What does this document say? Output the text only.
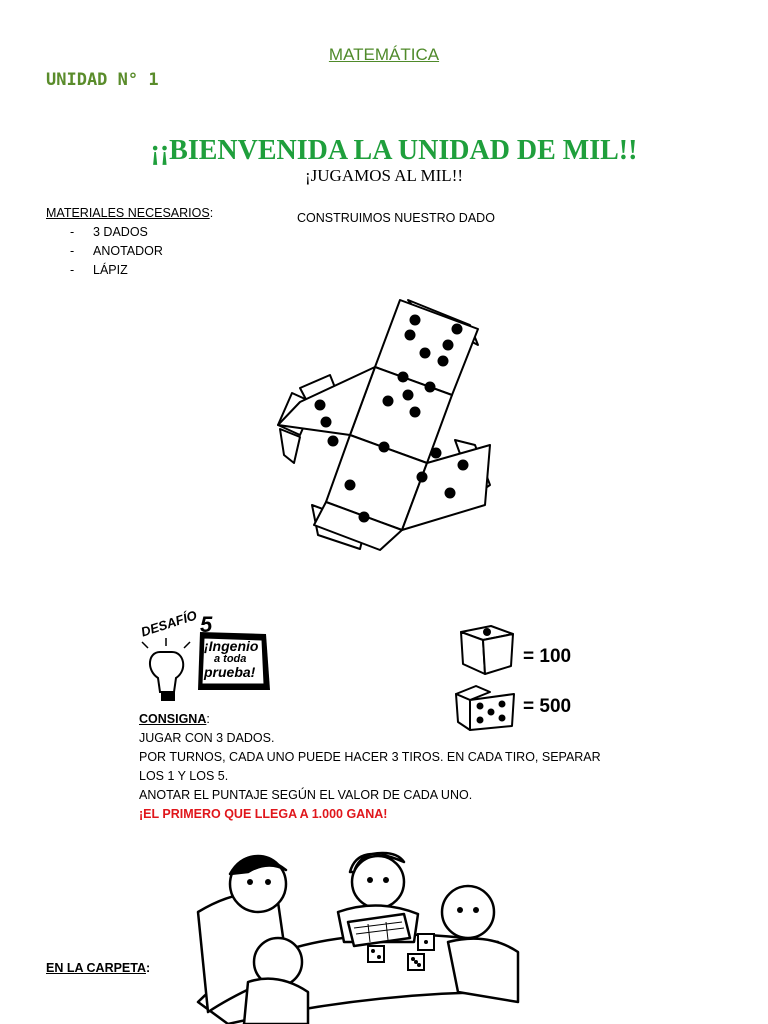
MATEMÁTICA
UNIDAD N° 1
¡¡BIENVENIDA LA UNIDAD DE MIL!!
¡JUGAMOS AL MIL!!
MATERIALES NECESARIOS:
- 3 DADOS
- ANOTADOR
- LÁPIZ
CONSTRUIMOS NUESTRO DADO
DESAFÍO 5
¡Ingenio
a toda
prueba!
= 100
= 500
CONSIGNA:
JUGAR CON 3 DADOS.
POR TURNOS, CADA UNO PUEDE HACER 3 TIROS. EN CADA TIRO, SEPARAR
LOS 1 Y LOS 5.
ANOTAR EL PUNTAJE SEGÚN EL VALOR DE CADA UNO.
¡EL PRIMERO QUE LLEGA A 1.000 GANA!
EN LA CARPETA:
